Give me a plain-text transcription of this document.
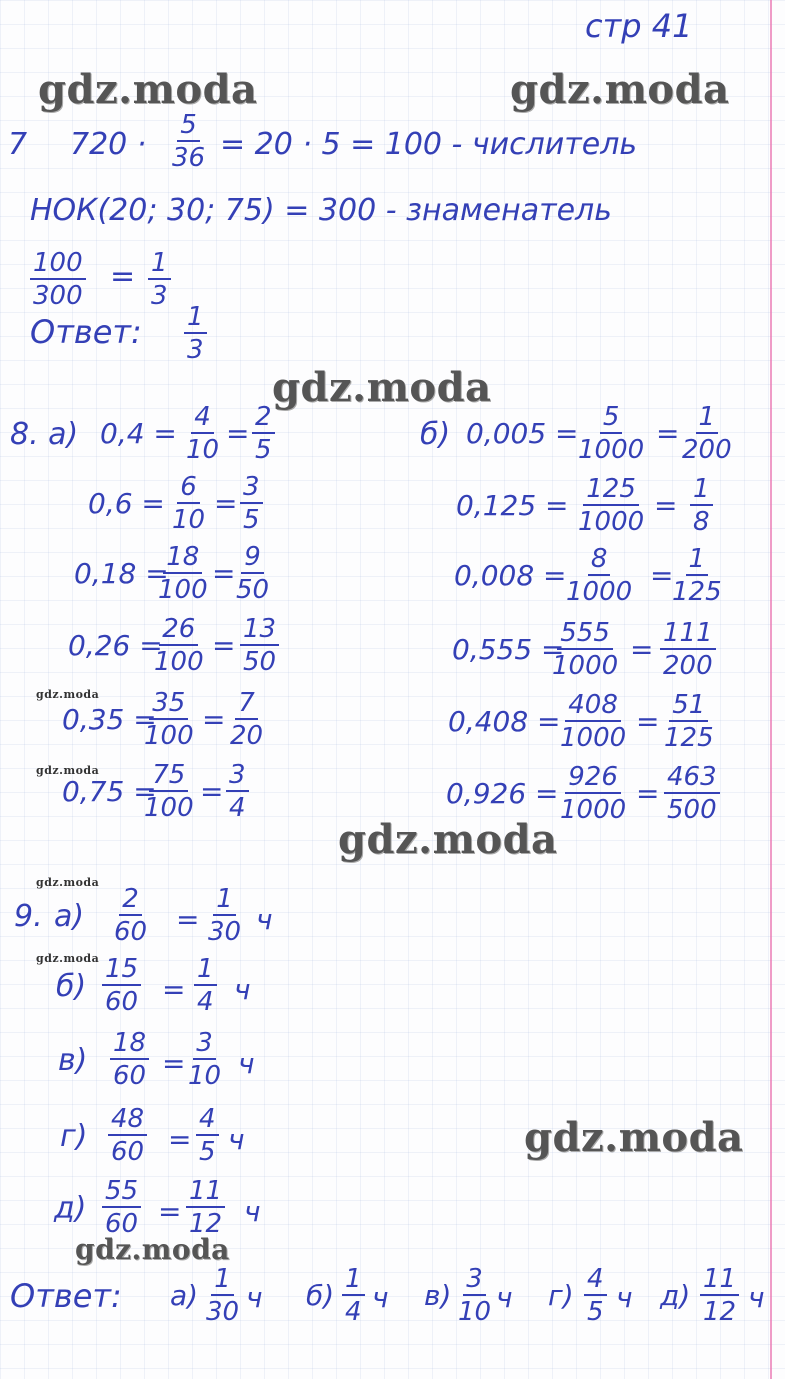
стр 41
gdz.moda	gdz.moda
gdz.moda
gdz.moda
gdz.moda
gdz.moda
gdz.moda
gdz.moda
gdz.moda
gdz.moda
7 $720 \cdot \frac{5}{36} = 20 \cdot 5 = 100$ - числитель
НОК(20; 30; 75) = 300 - знаменатель
$\frac{100}{300} = \frac{1}{3}$
Ответ: $\frac{1}{3}$
8. а)	б)
$0,4 = \frac{4}{10} = \frac{2}{5}$
$0,6 = \frac{6}{10} = \frac{3}{5}$
0,18 =
$\frac{18}{100} = \frac{9}{50}$
0,26 =
$\frac{26}{100} = \frac{13}{50}$
0,35 =
$\frac{35}{100} = \frac{7}{20}$
0,75 =
$\frac{75}{100} = \frac{3}{4}$
$0,005 = \frac{5}{1000} = \frac{1}{200}$
$0,125 = \frac{125}{1000} = \frac{1}{8}$
$0,008 = \frac{8}{1000}$ =
$\frac{1}{125}$
0,555 =
$\frac{555}{1000} = \frac{111}{200}$
$0,408 = \frac{408}{1000} = \frac{51}{125}$
$0,926 = \frac{926}{1000} = \frac{463}{500}$
9. $а) \frac{2}{60} = \frac{1}{30}$ ч
$б) \frac{15}{60} = \frac{1}{4}$ ч
$в) \frac{18}{60} = \frac{3}{10}$ ч
$г) \frac{48}{60} = \frac{4}{5}$ ч
$д) \frac{55}{60} = \frac{11}{12}$ ч
Ответ: $а) \frac{1}{30}$ ч $б) \frac{1}{4}$ ч $в) \frac{3}{10}$ ч $г) \frac{4}{5}$ ч $д) \frac{11}{12}$ ч
